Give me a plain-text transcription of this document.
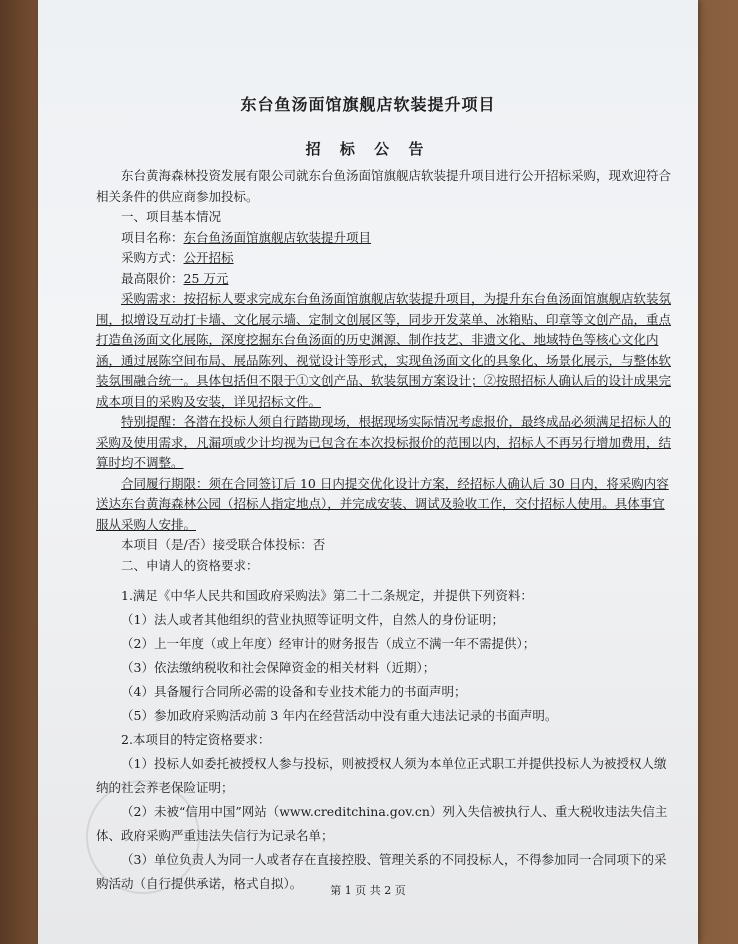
东台鱼汤面馆旗舰店软装提升项目
招 标 公 告

东台黄海森林投资发展有限公司就东台鱼汤面馆旗舰店软装提升项目进行公开招标采购，现欢迎符合相关条件的供应商参加投标。

一、项目基本情况

项目名称：东台鱼汤面馆旗舰店软装提升项目

采购方式：公开招标

最高限价：25 万元

采购需求：按招标人要求完成东台鱼汤面馆旗舰店软装提升项目，为提升东台鱼汤面馆旗舰店软装氛围，拟增设互动打卡墙、文化展示墙、定制文创展区等，同步开发菜单、冰箱贴、印章等文创产品，重点打造鱼汤面文化展陈，深度挖掘东台鱼汤面的历史渊源、制作技艺、非遗文化、地域特色等核心文化内涵，通过展陈空间布局、展品陈列、视觉设计等形式，实现鱼汤面文化的具象化、场景化展示，与整体软装氛围融合统一。具体包括但不限于①文创产品、软装氛围方案设计；②按照招标人确认后的设计成果完成本项目的采购及安装，详见招标文件。

特别提醒：各潜在投标人须自行踏勘现场，根据现场实际情况考虑报价，最终成品必须满足招标人的采购及使用需求，凡漏项或少计均视为已包含在本次投标报价的范围以内，招标人不再另行增加费用，结算时均不调整。

合同履行期限：须在合同签订后 10 日内提交优化设计方案，经招标人确认后 30 日内，将采购内容送达东台黄海森林公园（招标人指定地点），并完成安装、调试及验收工作，交付招标人使用。具体事宜服从采购人安排。

本项目（是/否）接受联合体投标：否

二、申请人的资格要求：

1.满足《中华人民共和国政府采购法》第二十二条规定，并提供下列资料：

（1）法人或者其他组织的营业执照等证明文件，自然人的身份证明；

（2）上一年度（或上年度）经审计的财务报告（成立不满一年不需提供）；

（3）依法缴纳税收和社会保障资金的相关材料（近期）；

（4）具备履行合同所必需的设备和专业技术能力的书面声明；

（5）参加政府采购活动前 3 年内在经营活动中没有重大违法记录的书面声明。

2.本项目的特定资格要求：

（1）投标人如委托被授权人参与投标，则被授权人须为本单位正式职工并提供投标人为被授权人缴纳的社会养老保险证明；

（2）未被“信用中国”网站（www.creditchina.gov.cn）列入失信被执行人、重大税收违法失信主体、政府采购严重违法失信行为记录名单；

（3）单位负责人为同一人或者存在直接控股、管理关系的不同投标人，不得参加同一合同项下的采购活动（自行提供承诺，格式自拟）。	第 1 页 共 2 页
